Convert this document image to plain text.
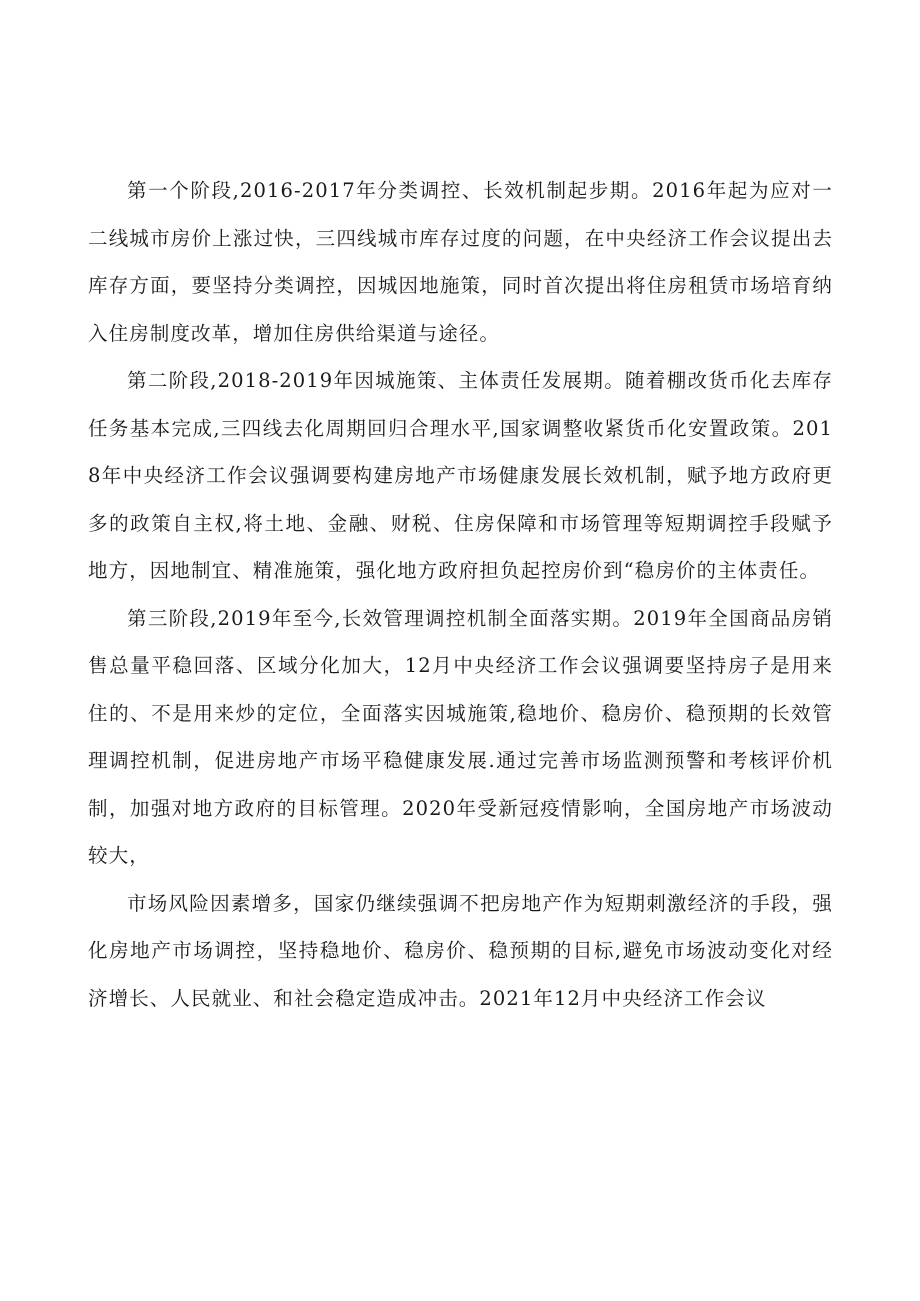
第一个阶段,2016-2017年分类调控、长效机制起步期。2016年起为应对一二线城市房价上涨过快，三四线城市库存过度的问题，在中央经济工作会议提出去库存方面，要坚持分类调控，因城因地施策，同时首次提出将住房租赁市场培育纳入住房制度改革，增加住房供给渠道与途径。

第二阶段,2018-2019年因城施策、主体责任发展期。随着棚改货币化去库存任务基本完成,三四线去化周期回归合理水平,国家调整收紧货币化安置政策。2018年中央经济工作会议强调要构建房地产市场健康发展长效机制，赋予地方政府更多的政策自主权,将土地、金融、财税、住房保障和市场管理等短期调控手段赋予地方，因地制宜、精准施策，强化地方政府担负起控房价到“稳房价的主体责任。

第三阶段,2019年至今,长效管理调控机制全面落实期。2019年全国商品房销售总量平稳回落、区域分化加大，12月中央经济工作会议强调要坚持房子是用来住的、不是用来炒的定位，全面落实因城施策,稳地价、稳房价、稳预期的长效管理调控机制，促进房地产市场平稳健康发展.通过完善市场监测预警和考核评价机制，加强对地方政府的目标管理。2020年受新冠疫情影响，全国房地产市场波动较大，

市场风险因素增多，国家仍继续强调不把房地产作为短期刺激经济的手段，强化房地产市场调控，坚持稳地价、稳房价、稳预期的目标,避免市场波动变化对经济增长、人民就业、和社会稳定造成冲击。2021年12月中央经济工作会议
